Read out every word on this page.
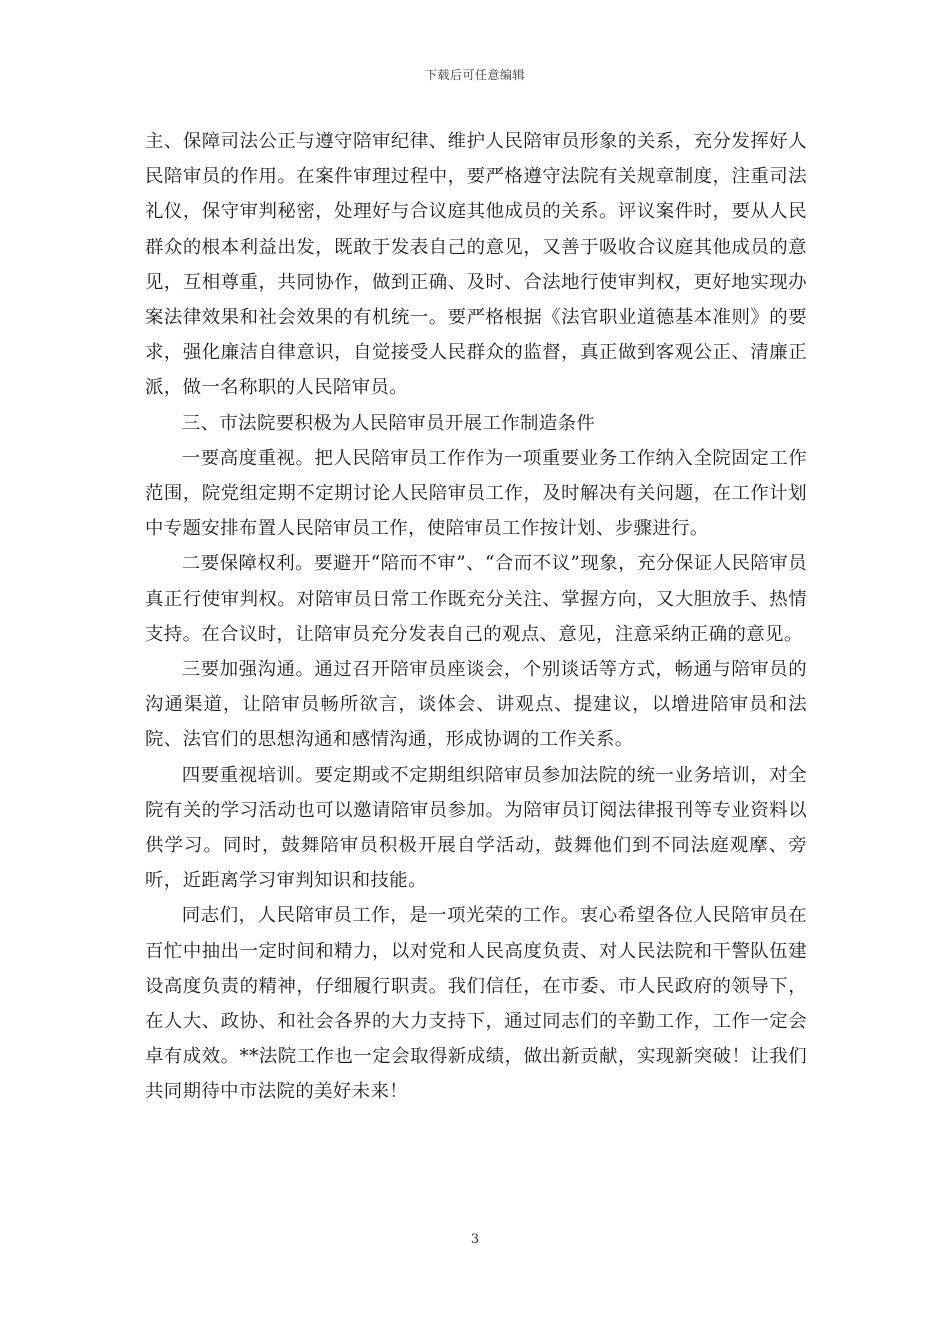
下载后可任意编辑

主、保障司法公正与遵守陪审纪律、维护人民陪审员形象的关系，充分发挥好人民陪审员的作用。在案件审理过程中，要严格遵守法院有关规章制度，注重司法礼仪，保守审判秘密，处理好与合议庭其他成员的关系。评议案件时，要从人民群众的根本利益出发，既敢于发表自己的意见，又善于吸收合议庭其他成员的意见，互相尊重，共同协作，做到正确、及时、合法地行使审判权，更好地实现办案法律效果和社会效果的有机统一。要严格根据《法官职业道德基本准则》的要求，强化廉洁自律意识，自觉接受人民群众的监督，真正做到客观公正、清廉正派，做一名称职的人民陪审员。

三、市法院要积极为人民陪审员开展工作制造条件

一要高度重视。把人民陪审员工作作为一项重要业务工作纳入全院固定工作范围，院党组定期不定期讨论人民陪审员工作，及时解决有关问题，在工作计划中专题安排布置人民陪审员工作，使陪审员工作按计划、步骤进行。

二要保障权利。要避开“陪而不审”、“合而不议”现象，充分保证人民陪审员真正行使审判权。对陪审员日常工作既充分关注、掌握方向，又大胆放手、热情支持。在合议时，让陪审员充分发表自己的观点、意见，注意采纳正确的意见。

三要加强沟通。通过召开陪审员座谈会，个别谈话等方式，畅通与陪审员的沟通渠道，让陪审员畅所欲言，谈体会、讲观点、提建议，以增进陪审员和法院、法官们的思想沟通和感情沟通，形成协调的工作关系。

四要重视培训。要定期或不定期组织陪审员参加法院的统一业务培训，对全院有关的学习活动也可以邀请陪审员参加。为陪审员订阅法律报刊等专业资料以供学习。同时，鼓舞陪审员积极开展自学活动，鼓舞他们到不同法庭观摩、旁听，近距离学习审判知识和技能。

同志们，人民陪审员工作，是一项光荣的工作。衷心希望各位人民陪审员在百忙中抽出一定时间和精力，以对党和人民高度负责、对人民法院和干警队伍建设高度负责的精神，仔细履行职责。我们信任，在市委、市人民政府的领导下，在人大、政协、和社会各界的大力支持下，通过同志们的辛勤工作，工作一定会卓有成效。**法院工作也一定会取得新成绩，做出新贡献，实现新突破！让我们共同期待中市法院的美好未来！

3
